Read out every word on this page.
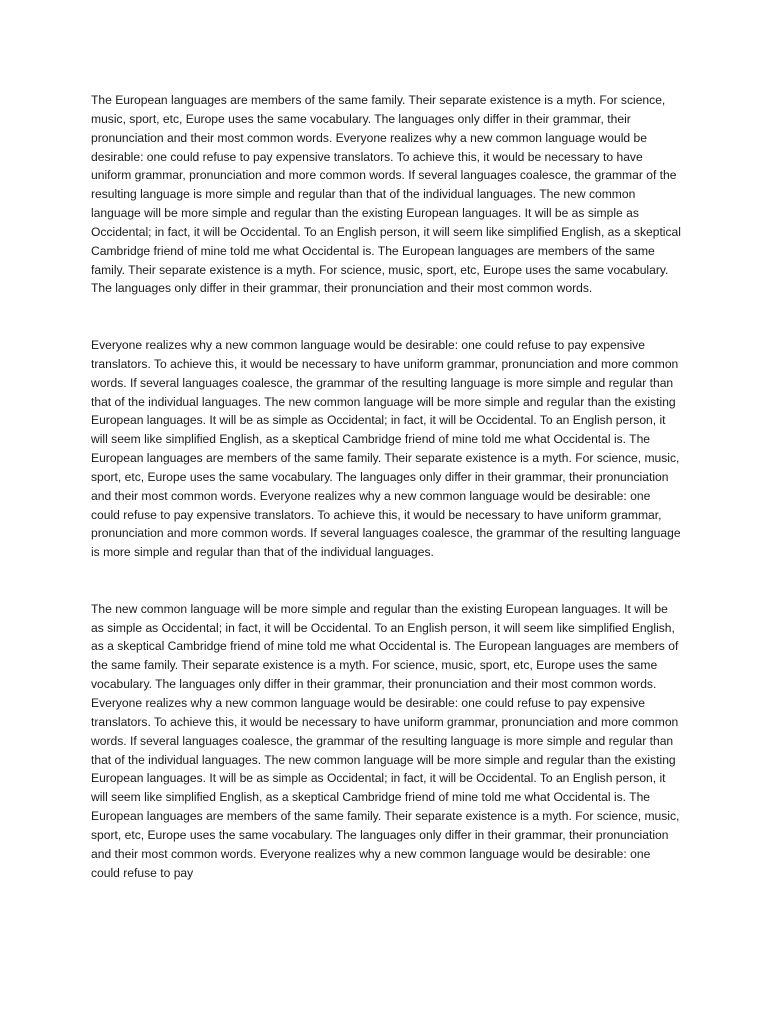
The European languages are members of the same family. Their separate existence is a myth. For science, music, sport, etc, Europe uses the same vocabulary. The languages only differ in their grammar, their pronunciation and their most common words. Everyone realizes why a new common language would be desirable: one could refuse to pay expensive translators. To achieve this, it would be necessary to have uniform grammar, pronunciation and more common words. If several languages coalesce, the grammar of the resulting language is more simple and regular than that of the individual languages. The new common language will be more simple and regular than the existing European languages. It will be as simple as Occidental; in fact, it will be Occidental. To an English person, it will seem like simplified English, as a skeptical Cambridge friend of mine told me what Occidental is. The European languages are members of the same family. Their separate existence is a myth. For science, music, sport, etc, Europe uses the same vocabulary. The languages only differ in their grammar, their pronunciation and their most common words.

Everyone realizes why a new common language would be desirable: one could refuse to pay expensive translators. To achieve this, it would be necessary to have uniform grammar, pronunciation and more common words. If several languages coalesce, the grammar of the resulting language is more simple and regular than that of the individual languages. The new common language will be more simple and regular than the existing European languages. It will be as simple as Occidental; in fact, it will be Occidental. To an English person, it will seem like simplified English, as a skeptical Cambridge friend of mine told me what Occidental is. The European languages are members of the same family. Their separate existence is a myth. For science, music, sport, etc, Europe uses the same vocabulary. The languages only differ in their grammar, their pronunciation and their most common words. Everyone realizes why a new common language would be desirable: one could refuse to pay expensive translators. To achieve this, it would be necessary to have uniform grammar, pronunciation and more common words. If several languages coalesce, the grammar of the resulting language is more simple and regular than that of the individual languages.

The new common language will be more simple and regular than the existing European languages. It will be as simple as Occidental; in fact, it will be Occidental. To an English person, it will seem like simplified English, as a skeptical Cambridge friend of mine told me what Occidental is. The European languages are members of the same family. Their separate existence is a myth. For science, music, sport, etc, Europe uses the same vocabulary. The languages only differ in their grammar, their pronunciation and their most common words. Everyone realizes why a new common language would be desirable: one could refuse to pay expensive translators. To achieve this, it would be necessary to have uniform grammar, pronunciation and more common words. If several languages coalesce, the grammar of the resulting language is more simple and regular than that of the individual languages. The new common language will be more simple and regular than the existing European languages. It will be as simple as Occidental; in fact, it will be Occidental. To an English person, it will seem like simplified English, as a skeptical Cambridge friend of mine told me what Occidental is. The European languages are members of the same family. Their separate existence is a myth. For science, music, sport, etc, Europe uses the same vocabulary. The languages only differ in their grammar, their pronunciation and their most common words. Everyone realizes why a new common language would be desirable: one could refuse to pay
